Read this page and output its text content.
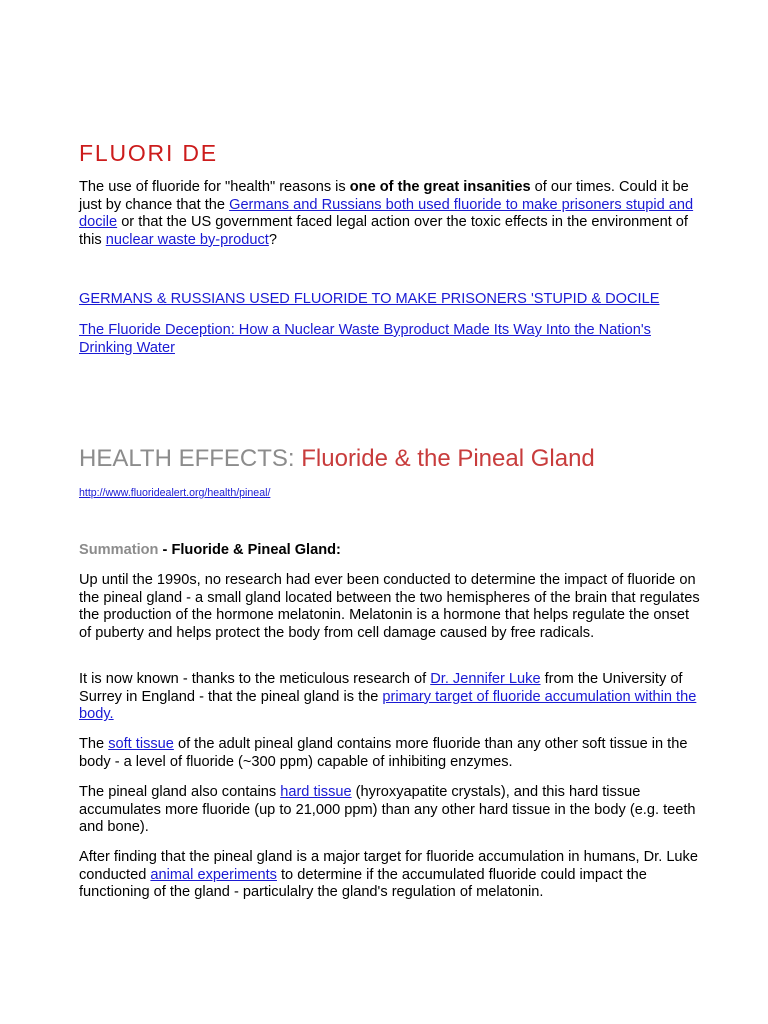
FLUORI DE

The use of fluoride for "health" reasons is one of the great insanities of our times. Could it be just by chance that the Germans and Russians both used fluoride to make prisoners stupid and docile or that the US government faced legal action over the toxic effects in the environment of this nuclear waste by-product?

GERMANS & RUSSIANS USED FLUORIDE TO MAKE PRISONERS 'STUPID & DOCILE

The Fluoride Deception: How a Nuclear Waste Byproduct Made Its Way Into the Nation's Drinking Water

HEALTH EFFECTS: Fluoride & the Pineal Gland
http://www.fluoridealert.org/health/pineal/
Summation - Fluoride & Pineal Gland:

Up until the 1990s, no research had ever been conducted to determine the impact of fluoride on the pineal gland - a small gland located between the two hemispheres of the brain that regulates the production of the hormone melatonin. Melatonin is a hormone that helps regulate the onset of puberty and helps protect the body from cell damage caused by free radicals.

It is now known - thanks to the meticulous research of Dr. Jennifer Luke from the University of Surrey in England - that the pineal gland is the primary target of fluoride accumulation within the body.

The soft tissue of the adult pineal gland contains more fluoride than any other soft tissue in the body - a level of fluoride (~300 ppm) capable of inhibiting enzymes.

The pineal gland also contains hard tissue (hyroxyapatite crystals), and this hard tissue accumulates more fluoride (up to 21,000 ppm) than any other hard tissue in the body (e.g. teeth and bone).

After finding that the pineal gland is a major target for fluoride accumulation in humans, Dr. Luke conducted animal experiments to determine if the accumulated fluoride could impact the functioning of the gland - particulalry the gland's regulation of melatonin.
